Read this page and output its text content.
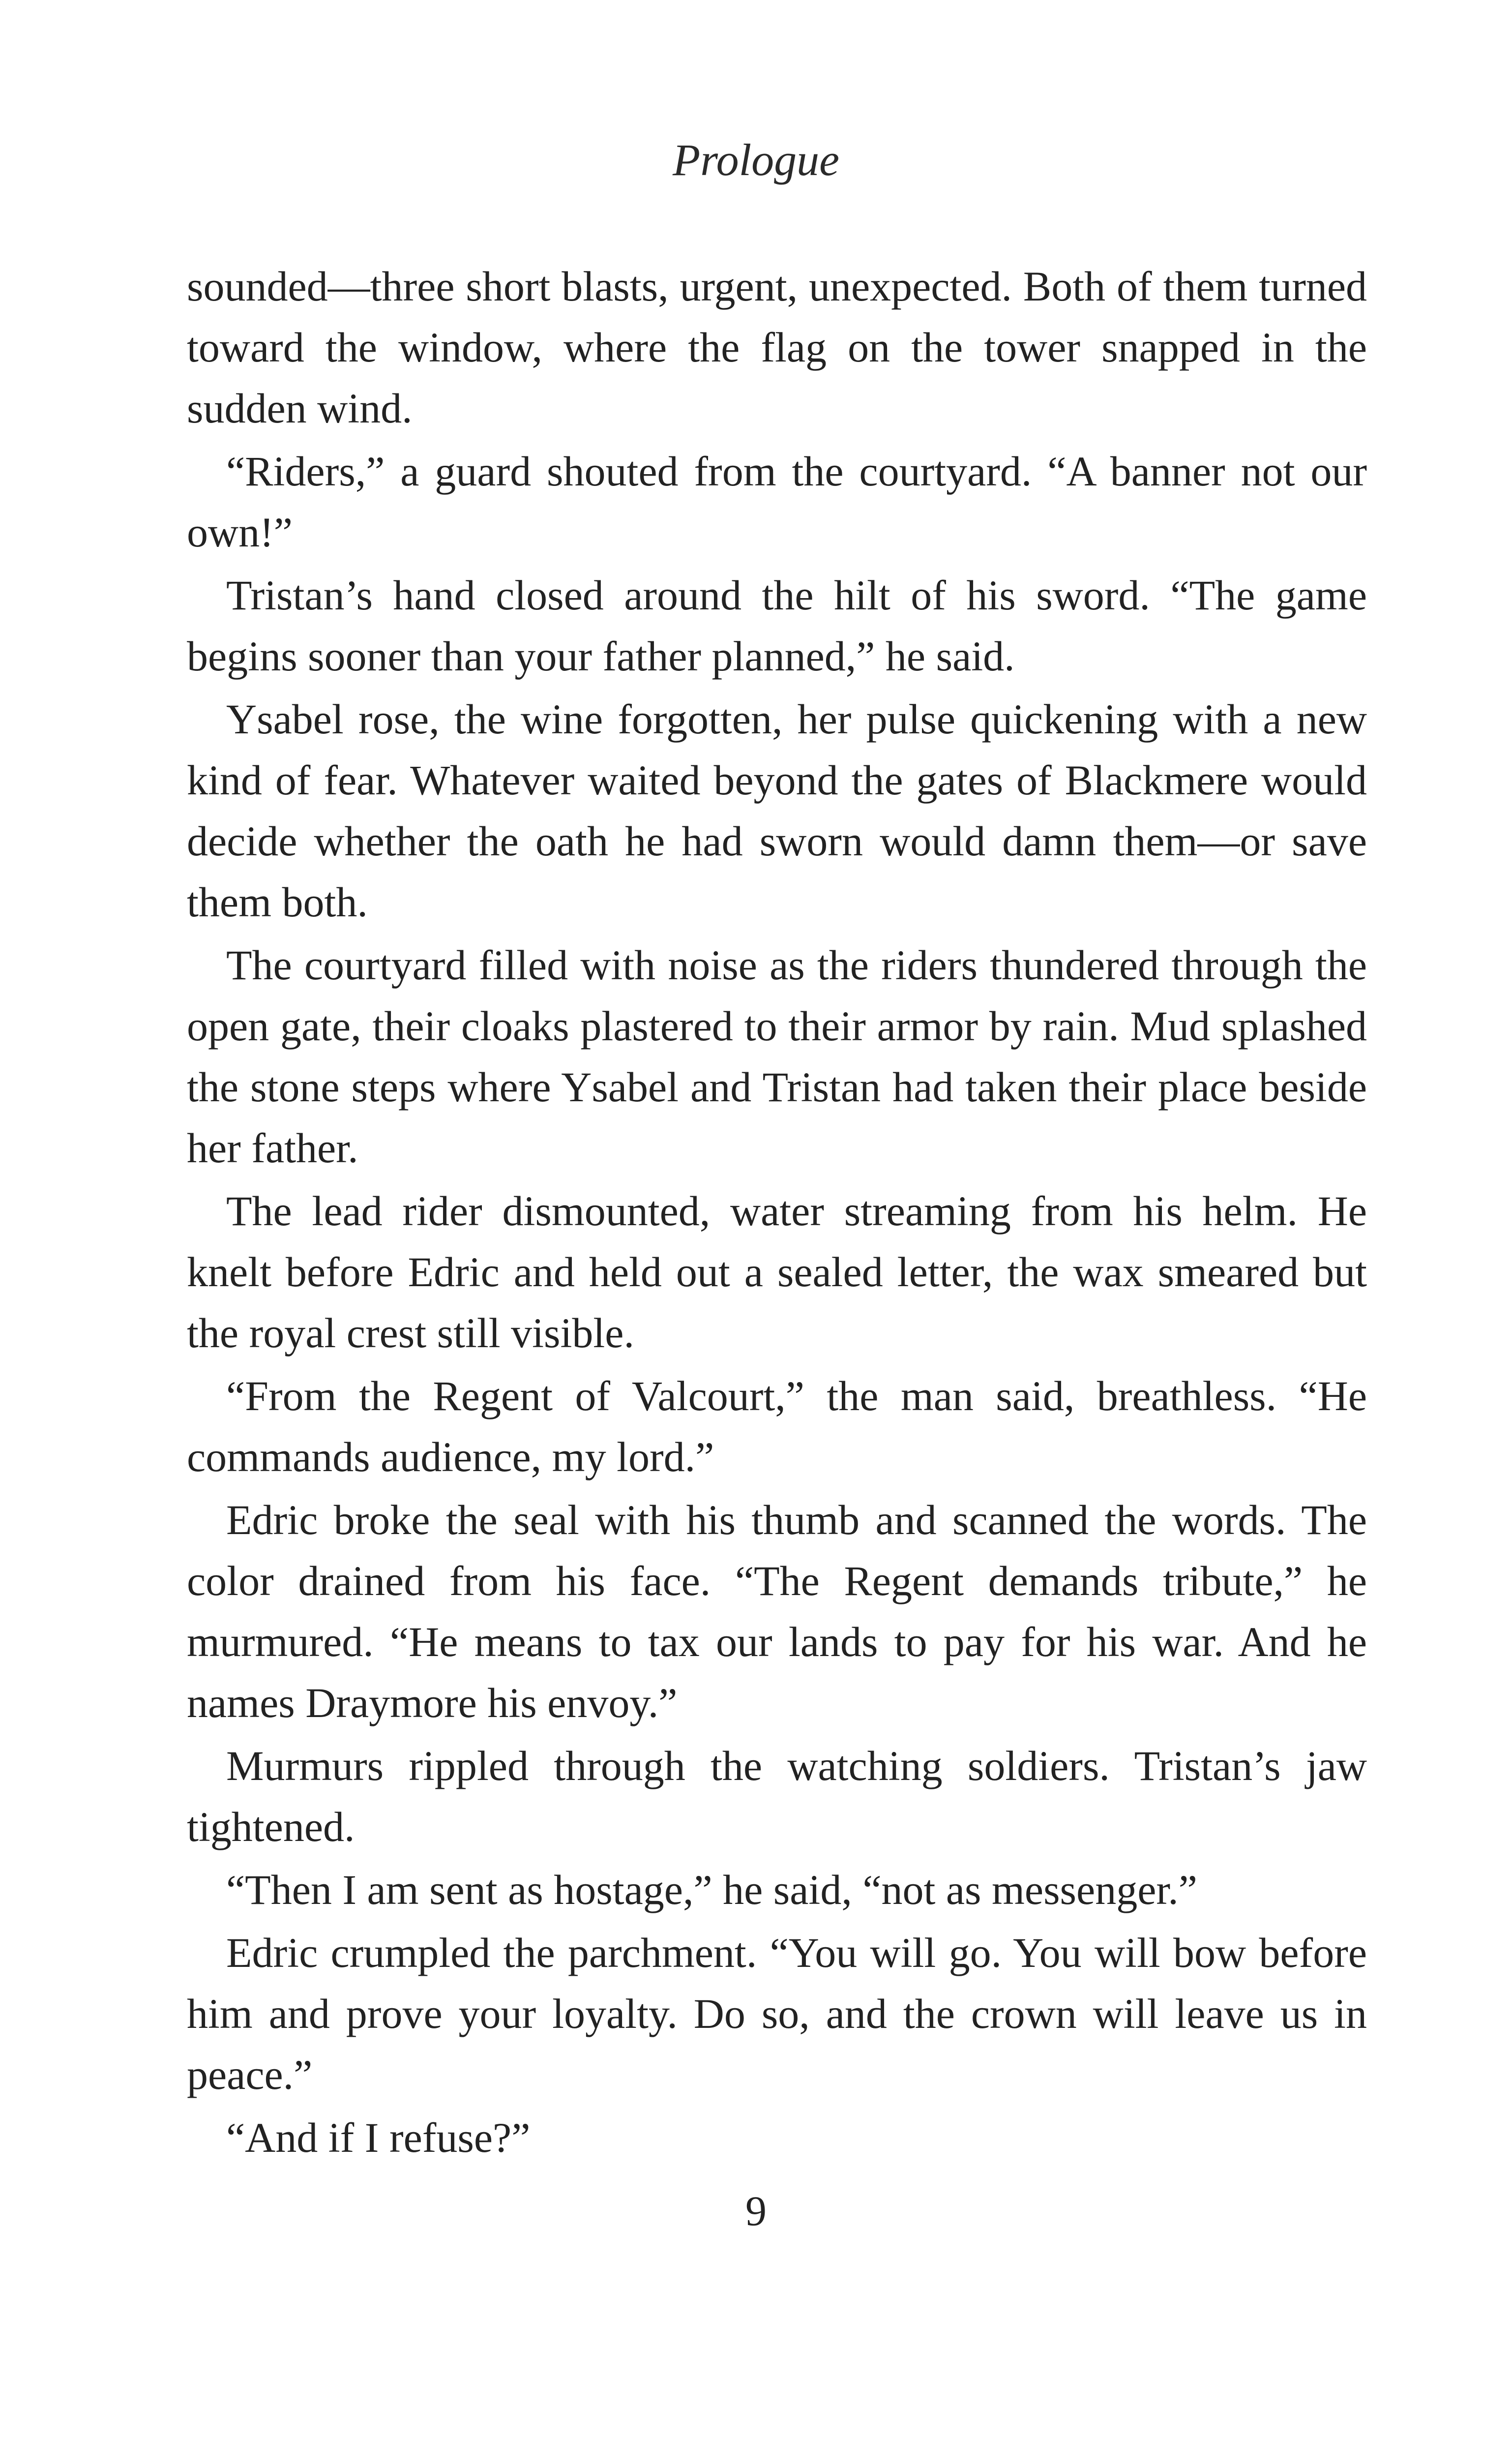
Prologue

sounded—three short blasts, urgent, unexpected. Both of them turned toward the window, where the flag on the tower snapped in the sudden wind.

“Riders,” a guard shouted from the courtyard. “A banner not our own!”

Tristan’s hand closed around the hilt of his sword. “The game begins sooner than your father planned,” he said.

Ysabel rose, the wine forgotten, her pulse quickening with a new kind of fear. Whatever waited beyond the gates of Blackmere would decide whether the oath he had sworn would damn them—or save them both.

The courtyard filled with noise as the riders thundered through the open gate, their cloaks plastered to their armor by rain. Mud splashed the stone steps where Ysabel and Tristan had taken their place beside her father.

The lead rider dismounted, water streaming from his helm. He knelt before Edric and held out a sealed letter, the wax smeared but the royal crest still visible.

“From the Regent of Valcourt,” the man said, breathless. “He commands audience, my lord.”

Edric broke the seal with his thumb and scanned the words. The color drained from his face. “The Regent demands tribute,” he murmured. “He means to tax our lands to pay for his war. And he names Draymore his envoy.”

Murmurs rippled through the watching soldiers. Tristan’s jaw tightened.

“Then I am sent as hostage,” he said, “not as messenger.”

Edric crumpled the parchment. “You will go. You will bow before him and prove your loyalty. Do so, and the crown will leave us in peace.”

“And if I refuse?”

9
